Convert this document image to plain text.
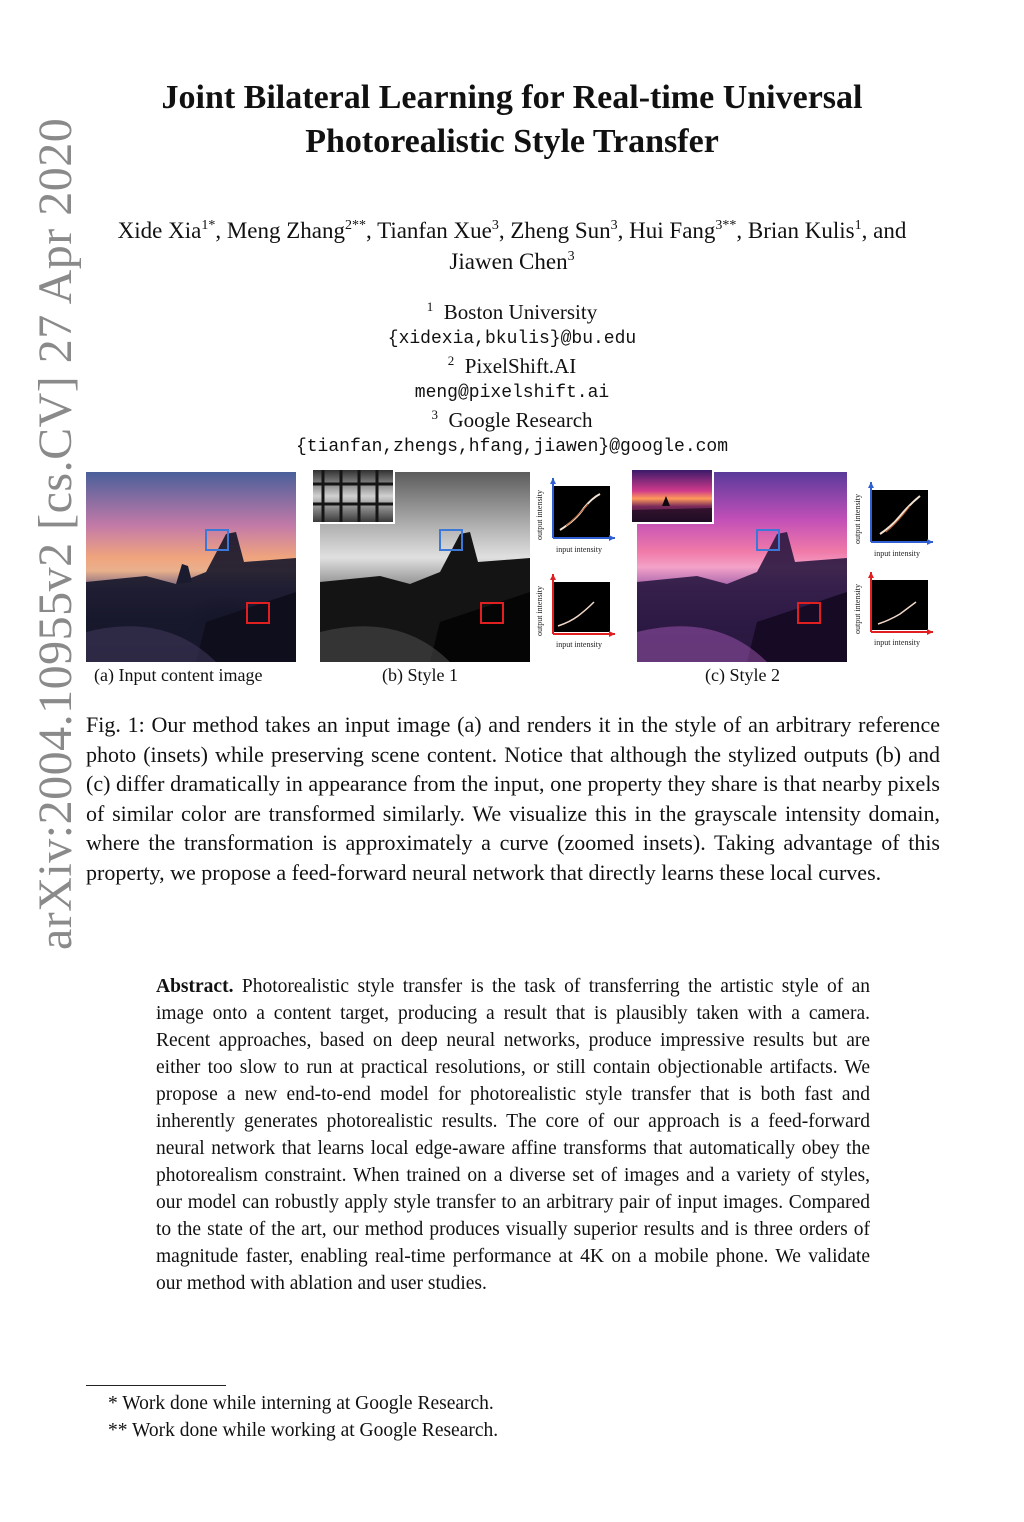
arXiv:2004.10955v2 [cs.CV] 27 Apr 2020
Joint Bilateral Learning for Real-time Universal
Photorealistic Style Transfer
Xide Xia$^{1*}$, Meng Zhang$^{2**}$, Tianfan Xue$^3$, Zheng Sun$^3$, Hui Fang$^{3**}$, Brian Kulis$^1$, and Jiawen Chen$^3$
$^1$ Boston University
{xidexia,bkulis}@bu.edu
$^2$ PixelShift.AI
meng@pixelshift.ai
$^3$ Google Research
{tianfan,zhengs,hfang,jiawen}@google.com
input intensity
output intensity
input intensity
output intensity
input intensity
output intensity
input intensity
output intensity
(a) Input content image	(b) Style 1	(c) Style 2
Fig. 1: Our method takes an input image (a) and renders it in the style of an arbitrary reference photo (insets) while preserving scene content. Notice that although the stylized outputs (b) and (c) differ dramatically in appearance from the input, one property they share is that nearby pixels of similar color are transformed similarly. We visualize this in the grayscale intensity domain, where the transformation is approximately a curve (zoomed insets). Taking advantage of this property, we propose a feed-forward neural network that directly learns these local curves.
Abstract. Photorealistic style transfer is the task of transferring the artistic style of an image onto a content target, producing a result that is plausibly taken with a camera. Recent approaches, based on deep neural networks, produce impressive results but are either too slow to run at practical resolutions, or still contain objectionable artifacts. We propose a new end-to-end model for photorealistic style transfer that is both fast and inherently generates photorealistic results. The core of our approach is a feed-forward neural network that learns local edge-aware affine transforms that automatically obey the photorealism constraint. When trained on a diverse set of images and a variety of styles, our model can robustly apply style transfer to an arbitrary pair of input images. Compared to the state of the art, our method produces visually superior results and is three orders of magnitude faster, enabling real-time performance at 4K on a mobile phone. We validate our method with ablation and user studies.
* Work done while interning at Google Research.
** Work done while working at Google Research.
